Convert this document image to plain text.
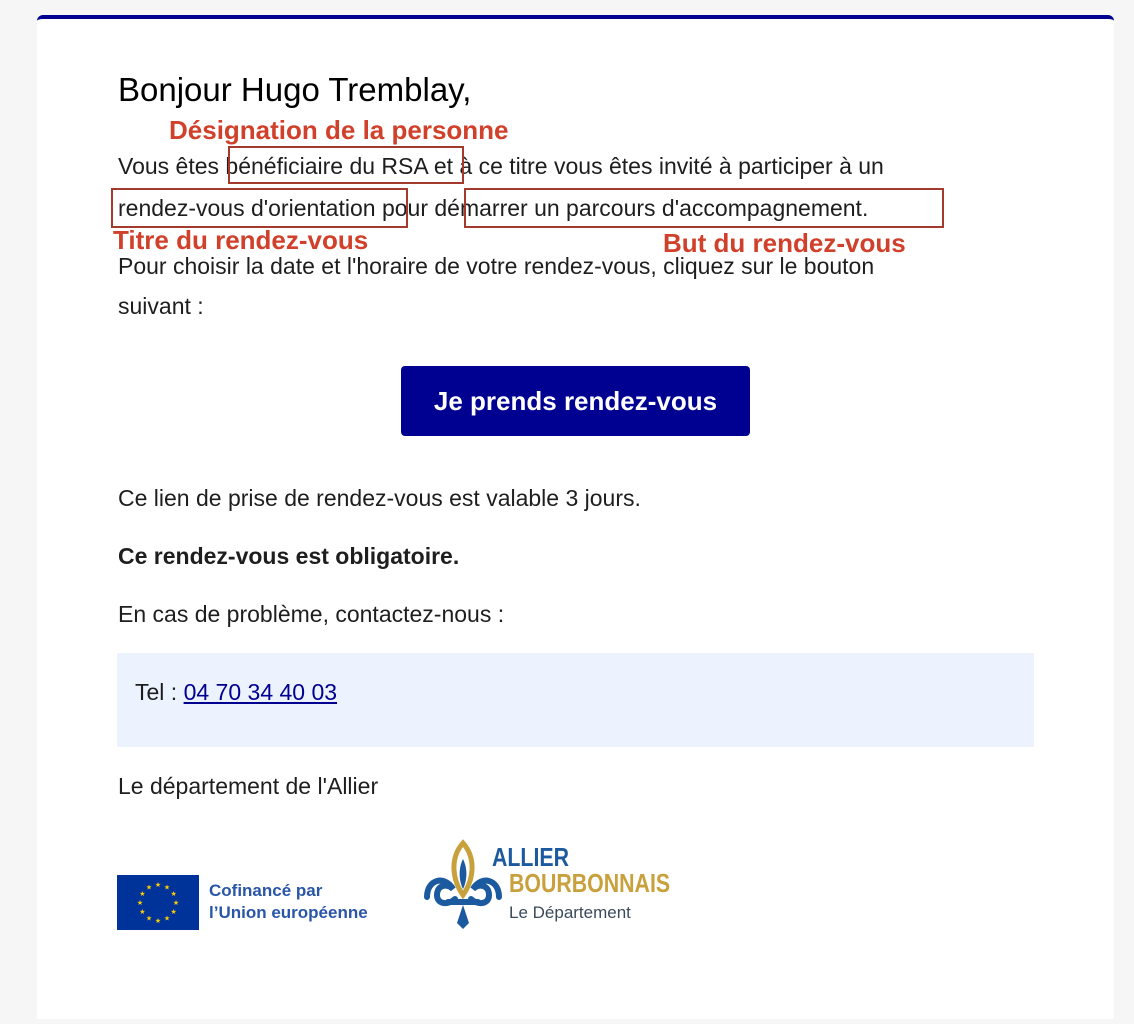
Bonjour Hugo Tremblay,
Désignation de la personne
Vous êtes bénéficiaire du RSA et à ce titre vous êtes invité à participer à un
rendez-vous d'orientation pour démarrer un parcours d'accompagnement.
Titre du rendez-vous	But du rendez-vous
Pour choisir la date et l'horaire de votre rendez-vous, cliquez sur le bouton
suivant :
Je prends rendez-vous
Ce lien de prise de rendez-vous est valable 3 jours.
Ce rendez-vous est obligatoire.
En cas de problème, contactez-nous :
Tel : 04 70 34 40 03
Le département de l'Allier
★ ★
★
★
★
★
★
★
★
★
★
★	Cofinancé par
l’Union européenne
ALLIER
BOURBONNAIS
Le Département
